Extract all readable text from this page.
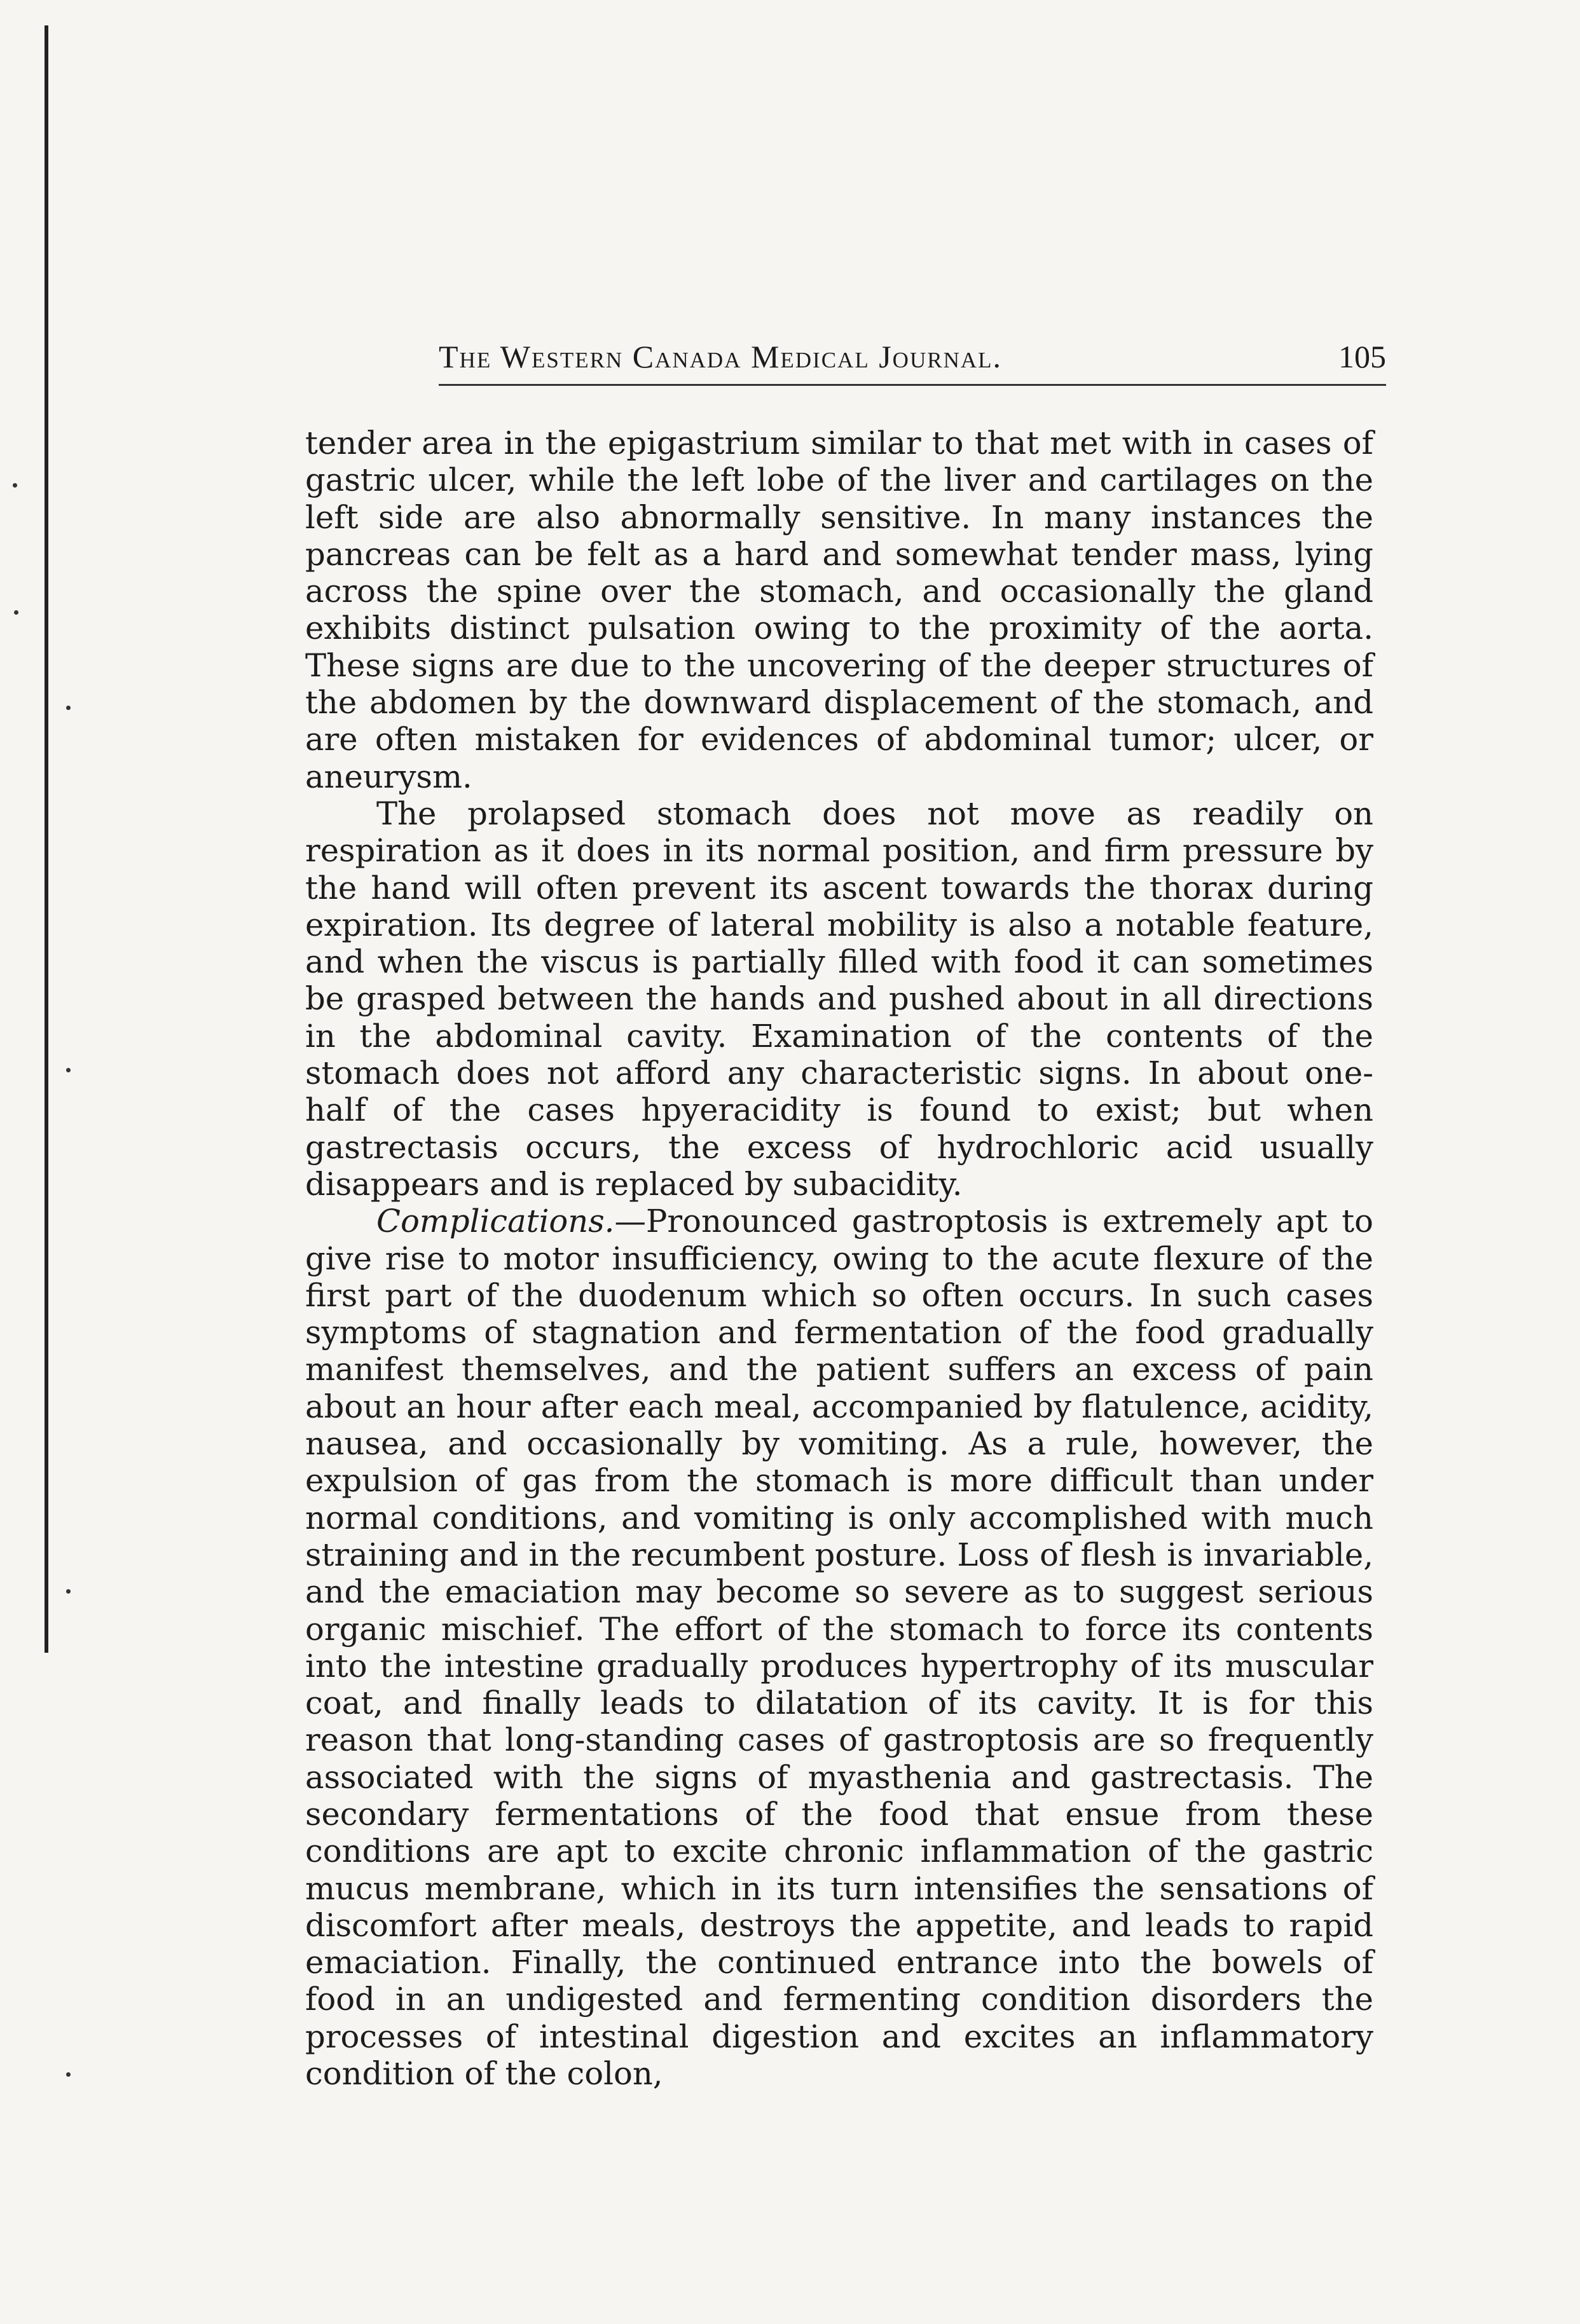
The Western Canada Medical Journal.	105

tender area in the epigastrium similar to that met with in cases of gastric ulcer, while the left lobe of the liver and cartilages on the left side are also abnormally sensitive. In many instances the pancreas can be felt as a hard and somewhat tender mass, lying across the spine over the stomach, and occasionally the gland exhibits distinct pulsation owing to the proximity of the aorta. These signs are due to the uncovering of the deeper structures of the abdomen by the downward displacement of the stomach, and are often mistaken for evidences of abdominal tumor; ulcer, or aneurysm.

The prolapsed stomach does not move as readily on respiration as it does in its normal position, and firm pressure by the hand will often prevent its ascent towards the thorax during expiration. Its degree of lateral mobility is also a notable feature, and when the viscus is partially filled with food it can sometimes be grasped between the hands and pushed about in all directions in the abdominal cavity. Examination of the contents of the stomach does not afford any characteristic signs. In about one-half of the cases hpyeracidity is found to exist; but when gastrectasis occurs, the excess of hydrochloric acid usually disappears and is replaced by subacidity.

Complications.—Pronounced gastroptosis is extremely apt to give rise to motor insufficiency, owing to the acute flexure of the first part of the duodenum which so often occurs. In such cases symptoms of stagnation and fermentation of the food gradually manifest themselves, and the patient suffers an excess of pain about an hour after each meal, accompanied by flatulence, acidity, nausea, and occasionally by vomiting. As a rule, however, the expulsion of gas from the stomach is more difficult than under normal conditions, and vomiting is only accomplished with much straining and in the recumbent posture. Loss of flesh is invariable, and the emaciation may become so severe as to suggest serious organic mischief. The effort of the stomach to force its contents into the intestine gradually produces hypertrophy of its muscular coat, and finally leads to dilatation of its cavity. It is for this reason that long-standing cases of gastroptosis are so frequently associated with the signs of myasthenia and gastrectasis. The secondary fermentations of the food that ensue from these conditions are apt to excite chronic inflammation of the gastric mucus membrane, which in its turn intensifies the sensations of discomfort after meals, destroys the appetite, and leads to rapid emaciation. Finally, the continued entrance into the bowels of food in an undigested and fermenting condition disorders the processes of intestinal digestion and excites an inflammatory condition of the colon,
